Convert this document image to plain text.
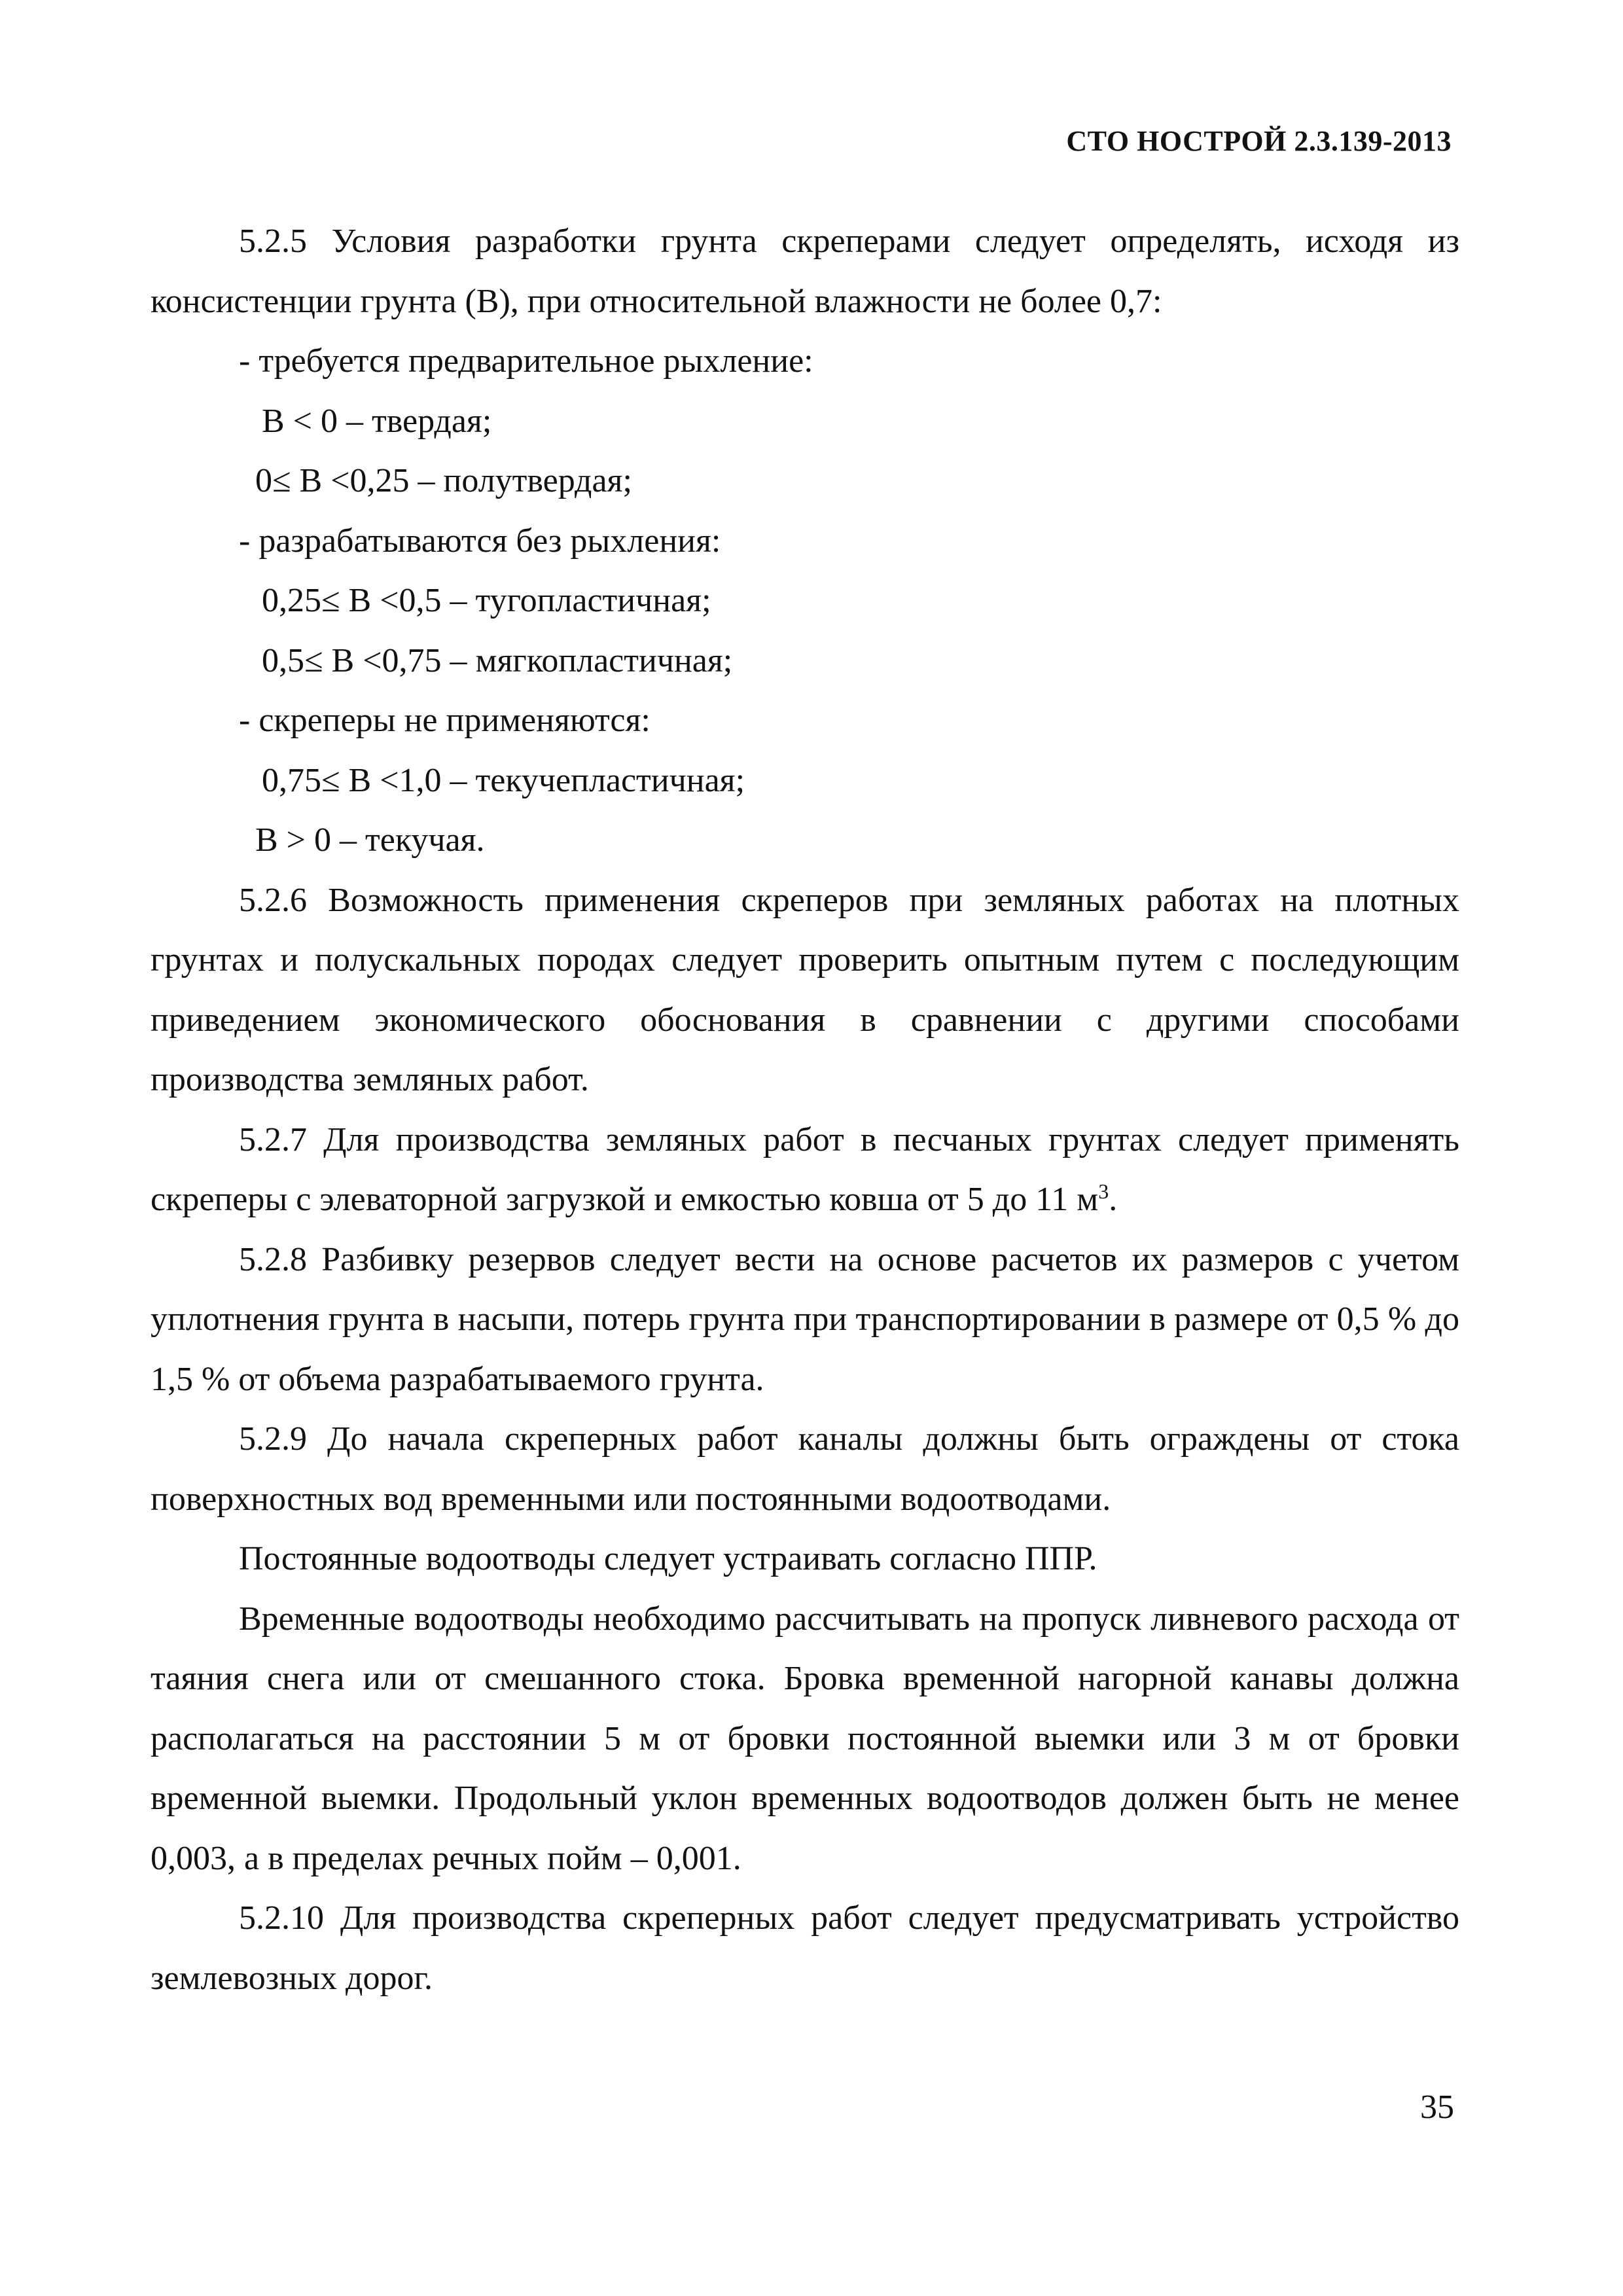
СТО НОСТРОЙ 2.3.139-2013

5.2.5 Условия разработки грунта скреперами следует определять, исходя из консистенции грунта (В), при относительной влажности не более 0,7:

- требуется предварительное рыхление:

В < 0 – твердая;

0≤ В <0,25 – полутвердая;

- разрабатываются без рыхления:

0,25≤ В <0,5 – тугопластичная;

0,5≤ В <0,75 – мягкопластичная;

- скреперы не применяются:

0,75≤ В <1,0 – текучепластичная;

В > 0 – текучая.

5.2.6 Возможность применения скреперов при земляных работах на плотных грунтах и полускальных породах следует проверить опытным путем с последующим приведением экономического обоснования в сравнении с другими способами производства земляных работ.

5.2.7 Для производства земляных работ в песчаных грунтах следует применять скреперы с элеваторной загрузкой и емкостью ковша от 5 до 11 $м^3$.

5.2.8 Разбивку резервов следует вести на основе расчетов их размеров с учетом уплотнения грунта в насыпи, потерь грунта при транспортировании в размере от 0,5 % до 1,5 % от объема разрабатываемого грунта.

5.2.9 До начала скреперных работ каналы должны быть ограждены от стока поверхностных вод временными или постоянными водоотводами.

Постоянные водоотводы следует устраивать согласно ППР.

Временные водоотводы необходимо рассчитывать на пропуск ливневого расхода от таяния снега или от смешанного стока. Бровка временной нагорной канавы должна располагаться на расстоянии 5 м от бровки постоянной выемки или 3 м от бровки временной выемки. Продольный уклон временных водоотводов должен быть не менее 0,003, а в пределах речных пойм – 0,001.

5.2.10 Для производства скреперных работ следует предусматривать устройство землевозных дорог.

35
